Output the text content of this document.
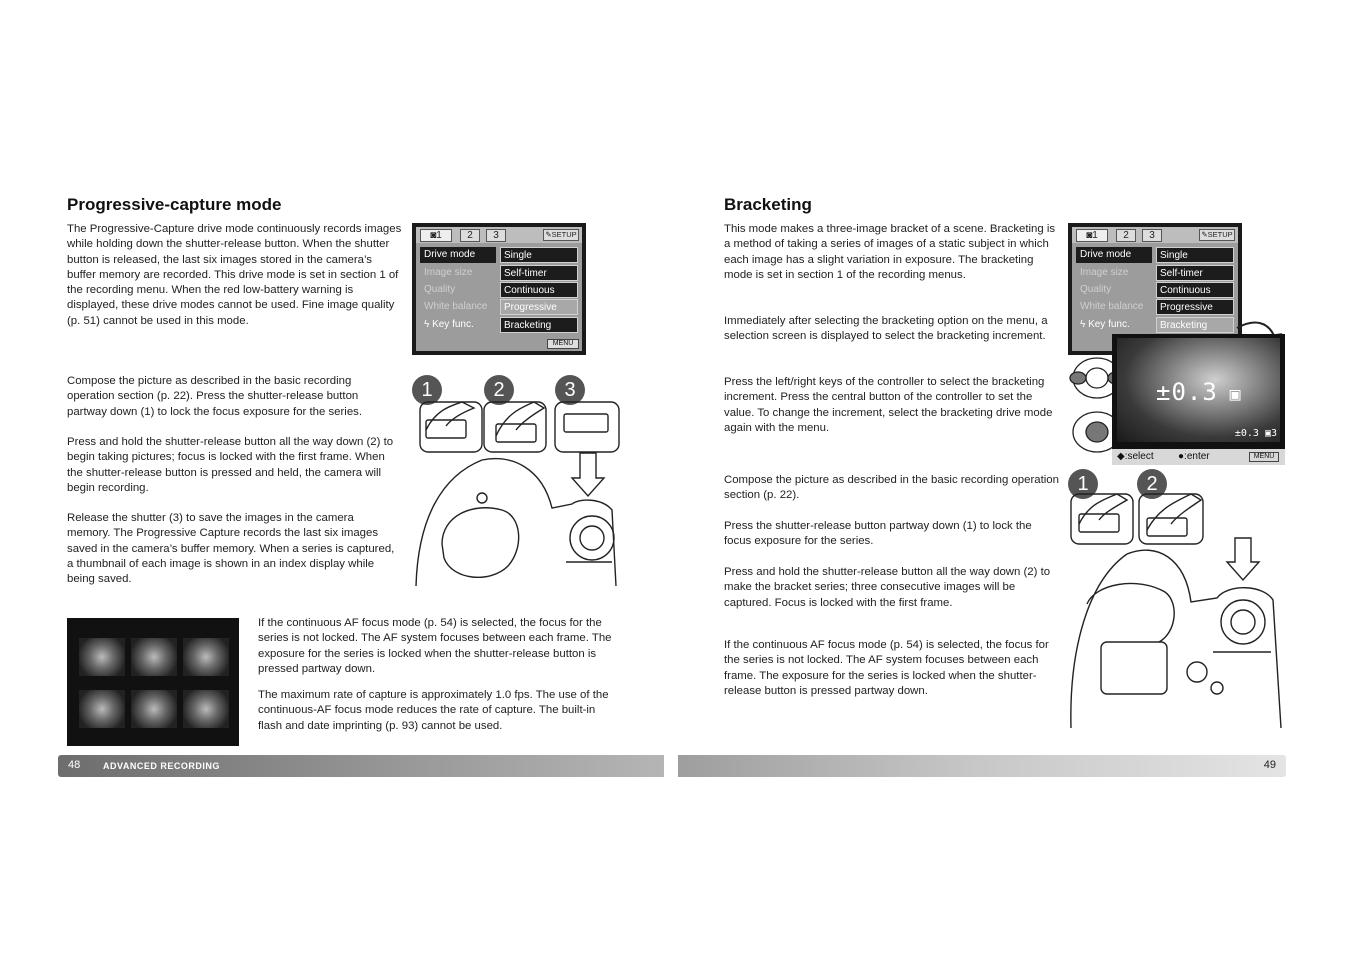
Progressive-capture mode

The Progressive-Capture drive mode continuously records images while holding down the shutter-release button. When the shutter button is released, the last six images stored in the camera’s buffer memory are recorded. This drive mode is set in section 1 of the recording menu. When the red low-battery warning is displayed, these drive modes cannot be used. Fine image quality (p. 51) cannot be used in this mode.

◙1	2	3	✎SETUP
Drive mode	Single
Image size	Self-timer
Quality	Continuous
White balance	Progressive
ϟ Key func.	Bracketing
MENU

Compose the picture as described in the basic recording operation section (p. 22). Press the shutter-release button partway down (1) to lock the focus exposure for the series.

Press and hold the shutter-release button all the way down (2) to begin taking pictures; focus is locked with the first frame. When the shutter-release button is pressed and held, the camera will begin recording.

Release the shutter (3) to save the images in the camera memory. The Progressive Capture records the last six images saved in the camera’s buffer memory. When a series is captured, a thumbnail of each image is shown in an index display while being saved.

1	2	3

If the continuous AF focus mode (p. 54) is selected, the focus for the series is not locked. The AF system focuses between each frame. The exposure for the series is locked when the shutter-release button is pressed partway down.

The maximum rate of capture is approximately 1.0 fps. The use of the continuous-AF focus mode reduces the rate of capture. The built-in flash and date imprinting (p. 93) cannot be used.

48	ADVANCED RECORDING
Bracketing

This mode makes a three-image bracket of a scene. Bracketing is a method of taking a series of images of a static subject in which each image has a slight variation in exposure. The bracketing mode is set in section 1 of the recording menus.

Immediately after selecting the bracketing option on the menu, a selection screen is displayed to select the bracketing increment.

Press the left/right keys of the controller to select the bracketing increment. Press the central button of the controller to set the value. To change the increment, select the bracketing drive mode again with the menu.

◙1	2	3	✎SETUP
Drive mode	Single
Image size	Self-timer
Quality	Continuous
White balance	Progressive
ϟ Key func.	Bracketing
±0.3 ▣
±0.3 ▣3
◆:select ●:enter	MENU

Compose the picture as described in the basic recording operation section (p. 22).

Press the shutter-release button partway down (1) to lock the focus exposure for the series.

Press and hold the shutter-release button all the way down (2) to make the bracket series; three consecutive images will be captured. Focus is locked with the first frame.

If the continuous AF focus mode (p. 54) is selected, the focus for the series is not locked. The AF system focuses between each frame. The exposure for the series is locked when the shutter-release button is pressed partway down.

1	2
49
